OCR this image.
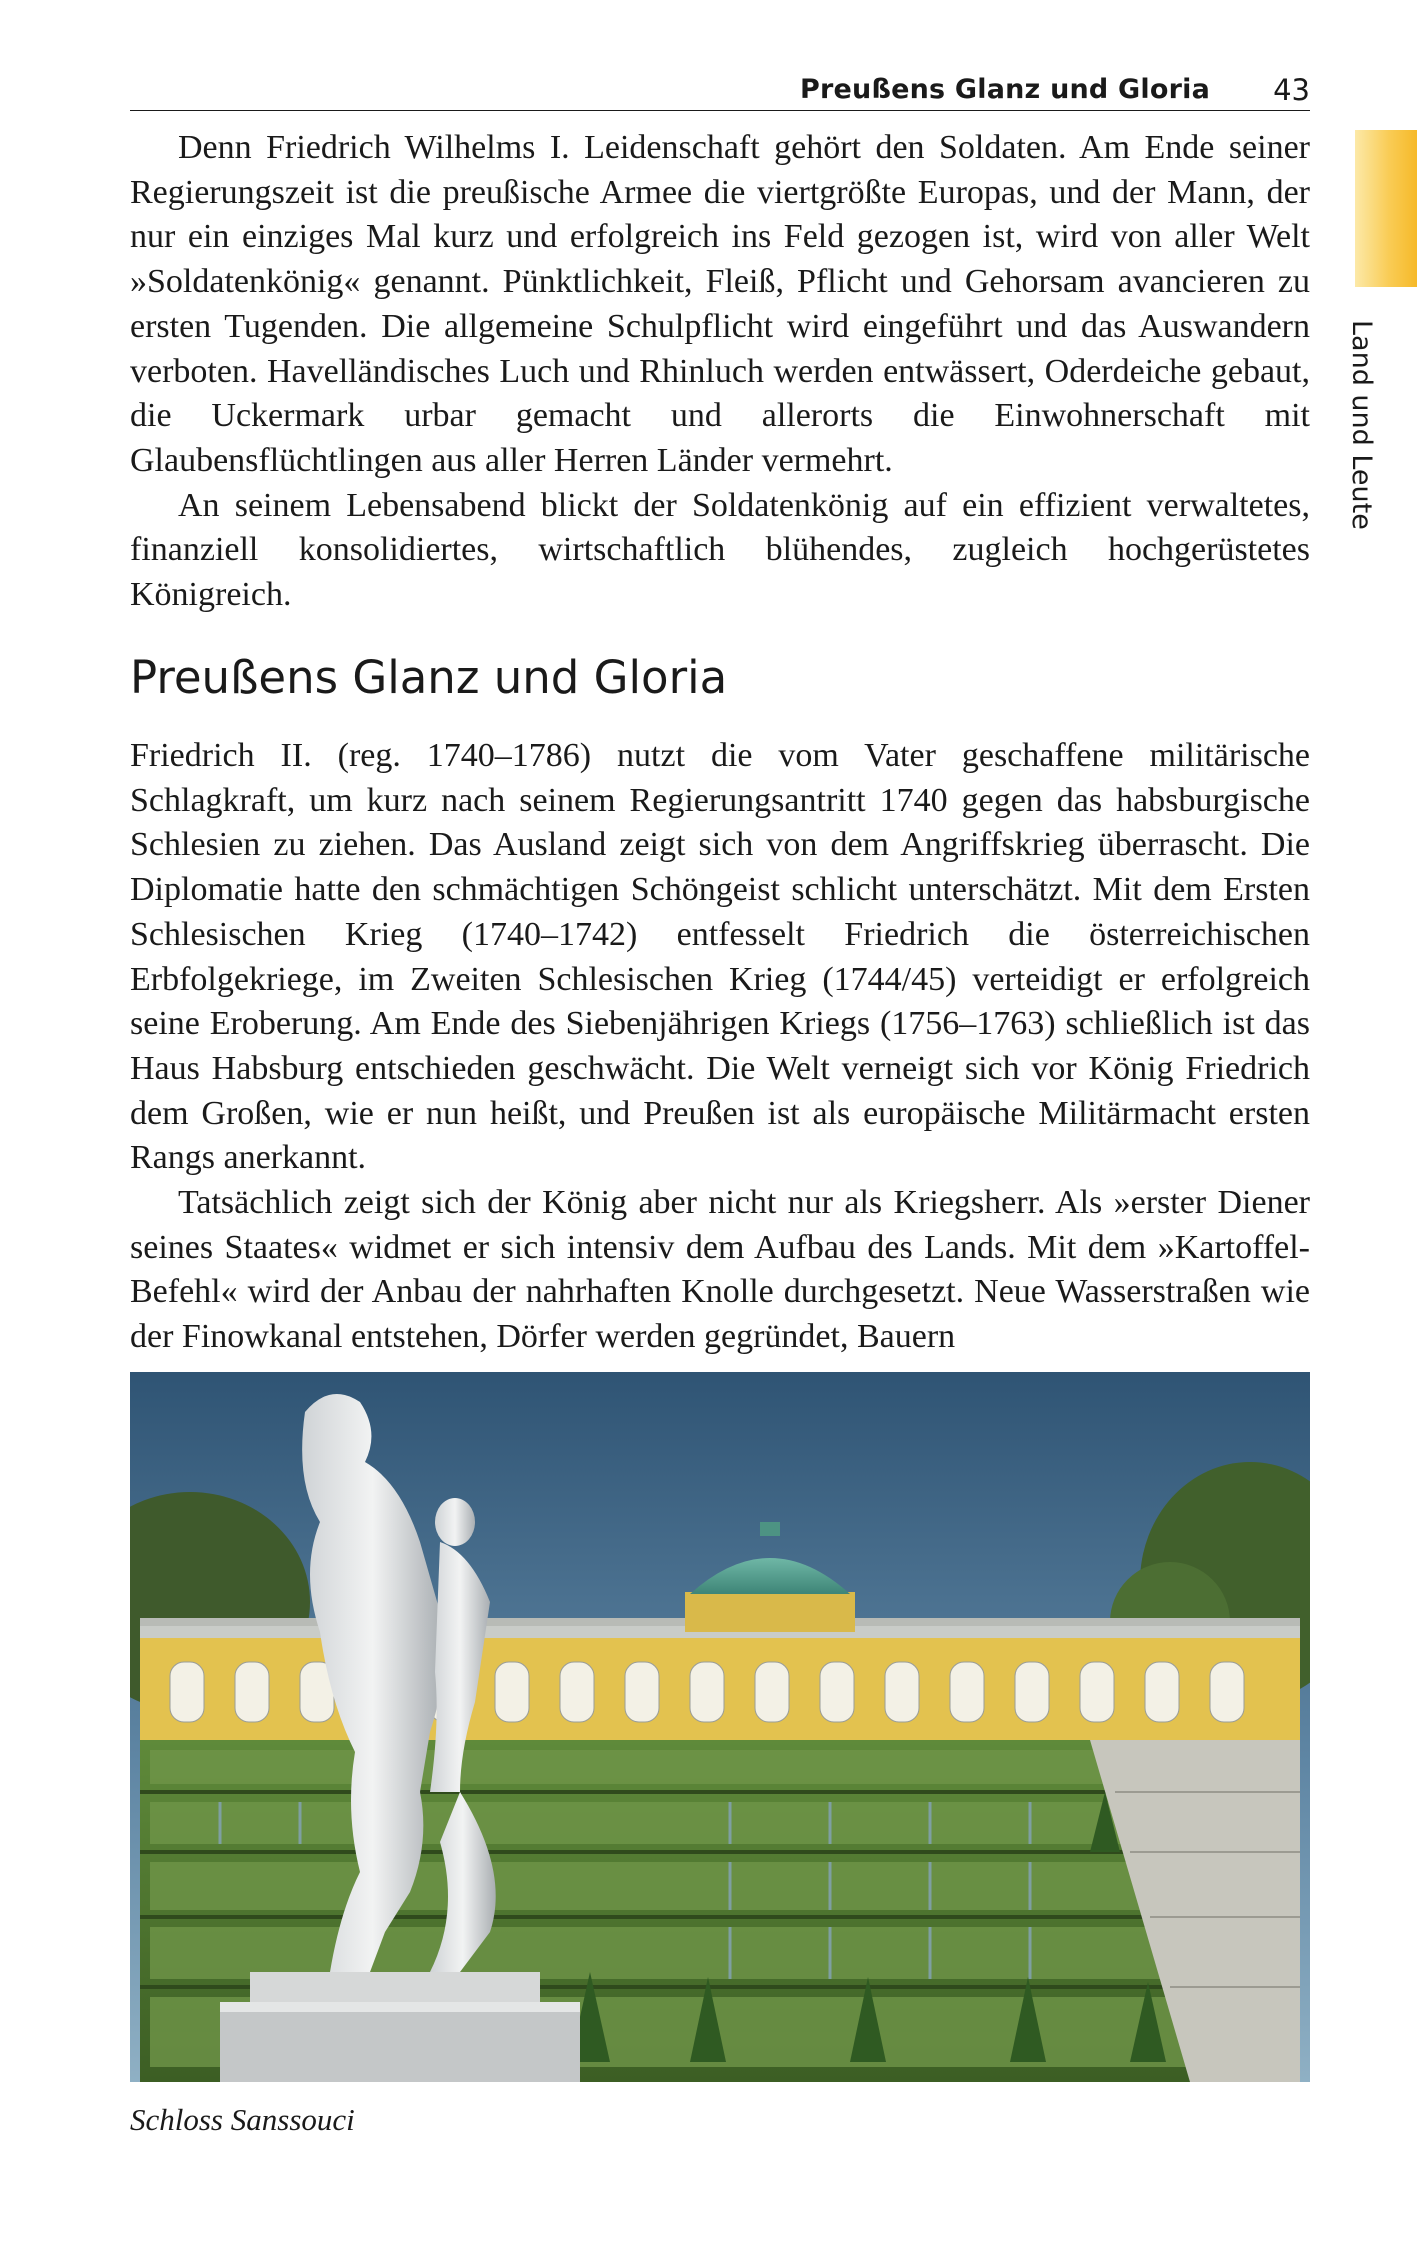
Preußens Glanz und Gloria 43
Land und Leute

Denn Friedrich Wilhelms I. Leidenschaft gehört den Soldaten. Am Ende seiner Regierungszeit ist die preußische Armee die viertgrößte Europas, und der Mann, der nur ein einziges Mal kurz und erfolgreich ins Feld gezogen ist, wird von aller Welt »Soldatenkönig« genannt. Pünktlichkeit, Fleiß, Pflicht und Gehorsam avancieren zu ersten Tugenden. Die allgemeine Schulpflicht wird eingeführt und das Auswandern verboten. Havelländisches Luch und Rhinluch werden entwässert, Oderdeiche gebaut, die Uckermark urbar gemacht und allerorts die Einwohnerschaft mit Glaubensflüchtlingen aus aller Herren Länder vermehrt.

An seinem Lebensabend blickt der Soldatenkönig auf ein effizient verwaltetes, finanziell konsolidiertes, wirtschaftlich blühendes, zugleich hochgerüstetes Königreich.

Preußens Glanz und Gloria

Friedrich II. (reg. 1740–1786) nutzt die vom Vater geschaffene militärische Schlagkraft, um kurz nach seinem Regierungsantritt 1740 gegen das habsburgische Schlesien zu ziehen. Das Ausland zeigt sich von dem Angriffskrieg überrascht. Die Diplomatie hatte den schmächtigen Schöngeist schlicht unterschätzt. Mit dem Ersten Schlesischen Krieg (1740–1742) entfesselt Friedrich die österreichischen Erbfolgekriege, im Zweiten Schlesischen Krieg (1744/45) verteidigt er erfolgreich seine Eroberung. Am Ende des Siebenjährigen Kriegs (1756–1763) schließlich ist das Haus Habsburg entschieden geschwächt. Die Welt verneigt sich vor König Friedrich dem Großen, wie er nun heißt, und Preußen ist als europäische Militärmacht ersten Rangs anerkannt.

Tatsächlich zeigt sich der König aber nicht nur als Kriegsherr. Als »erster Diener seines Staates« widmet er sich intensiv dem Aufbau des Lands. Mit dem »Kartoffel-Befehl« wird der Anbau der nahrhaften Knolle durchgesetzt. Neue Wasserstraßen wie der Finowkanal entstehen, Dörfer werden gegründet, Bauern

Schloss Sanssouci
